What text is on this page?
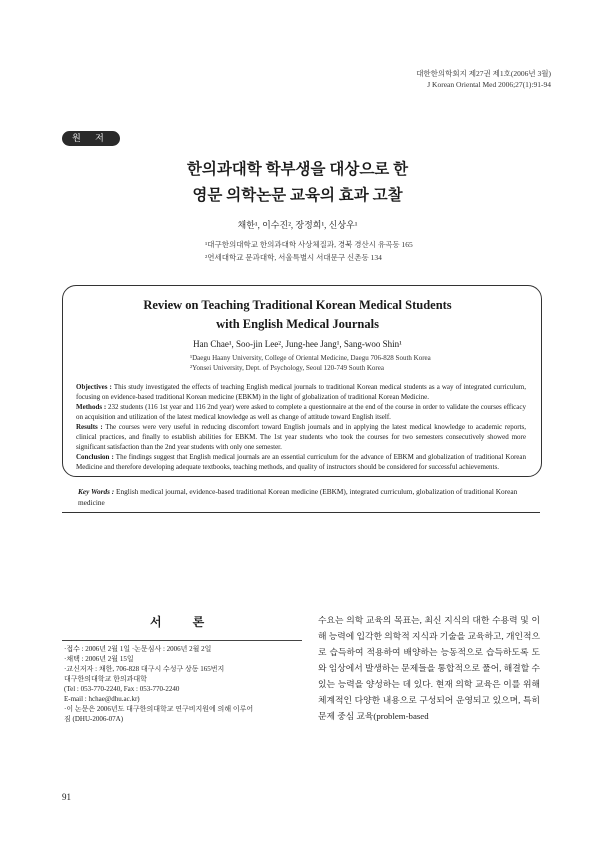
대한한의학회지 제27권 제1호(2006년 3월)
J Korean Oriental Med 2006;27(1):91-94
원 저
한의과대학 학부생을 대상으로 한
영문 의학논문 교육의 효과 고찰
채한¹, 이수진², 장정희¹, 신상우¹
¹대구한의대학교 한의과대학 사상체질과, 경북 경산시 유곡동 165
²연세대학교 문과대학, 서울특별시 서대문구 신촌동 134
Review on Teaching Traditional Korean Medical Students
with English Medical Journals
Han Chae¹, Soo-jin Lee², Jung-hee Jang¹, Sang-woo Shin¹
¹Daegu Haany University, College of Oriental Medicine, Daegu 706-828 South Korea
²Yonsei University, Dept. of Psychology, Seoul 120-749 South Korea

Objectives : This study investigated the effects of teaching English medical journals to traditional Korean medical students as a way of integrated curriculum, focusing on evidence-based traditional Korean medicine (EBKM) in the light of globalization of traditional Korean Medicine.

Methods : 232 students (116 1st year and 116 2nd year) were asked to complete a questionnaire at the end of the course in order to validate the courses efficacy on acquisition and utilization of the latest medical knowledge as well as change of attitude toward English itself.

Results : The courses were very useful in reducing discomfort toward English journals and in applying the latest medical knowledge to academic reports, clinical practices, and finally to establish abilities for EBKM. The 1st year students who took the courses for two semesters consecutively showed more significant satisfaction than the 2nd year students with only one semester.

Conclusion : The findings suggest that English medical journals are an essential curriculum for the advance of EBKM and globalization of traditional Korean Medicine and therefore developing adequate textbooks, teaching methods, and quality of instructors should be considered for successful achievements.

Key Words : English medical journal, evidence-based traditional Korean medicine (EBKM), integrated curriculum, globalization of traditional Korean medicine
서 론
·접수 : 2006년 2월 1일 ·논문심사 : 2006년 2월 2일
·채택 : 2006년 2월 15일
·교신저자 : 채한, 706-828 대구시 수성구 상동 165번지
대구한의대학교 한의과대학
(Tel : 053-770-2240, Fax : 053-770-2240
E-mail : hchae@dhu.ac.kr)
·이 논문은 2006년도 대구한의대학교 연구비지원에 의해 이루어
짐 (DHU-2006-07A)
수요는 의학 교육의 목표는, 최신 지식의 대한 수용력 및 이해 능력에 입각한 의학적 지식과 기술을 교육하고, 개인적으로 습득하여 적용하여 배양하는 능동적으로 습득하도록 도와 임상에서 발생하는 문제들을 통합적으로 풀어, 해결할 수 있는 능력을 양성하는 데 있다. 현재 의학 교육은 이를 위해 체계적인 다양한 내용으로 구성되어 운영되고 있으며, 특히 문제 중심 교육(problem-based
91
